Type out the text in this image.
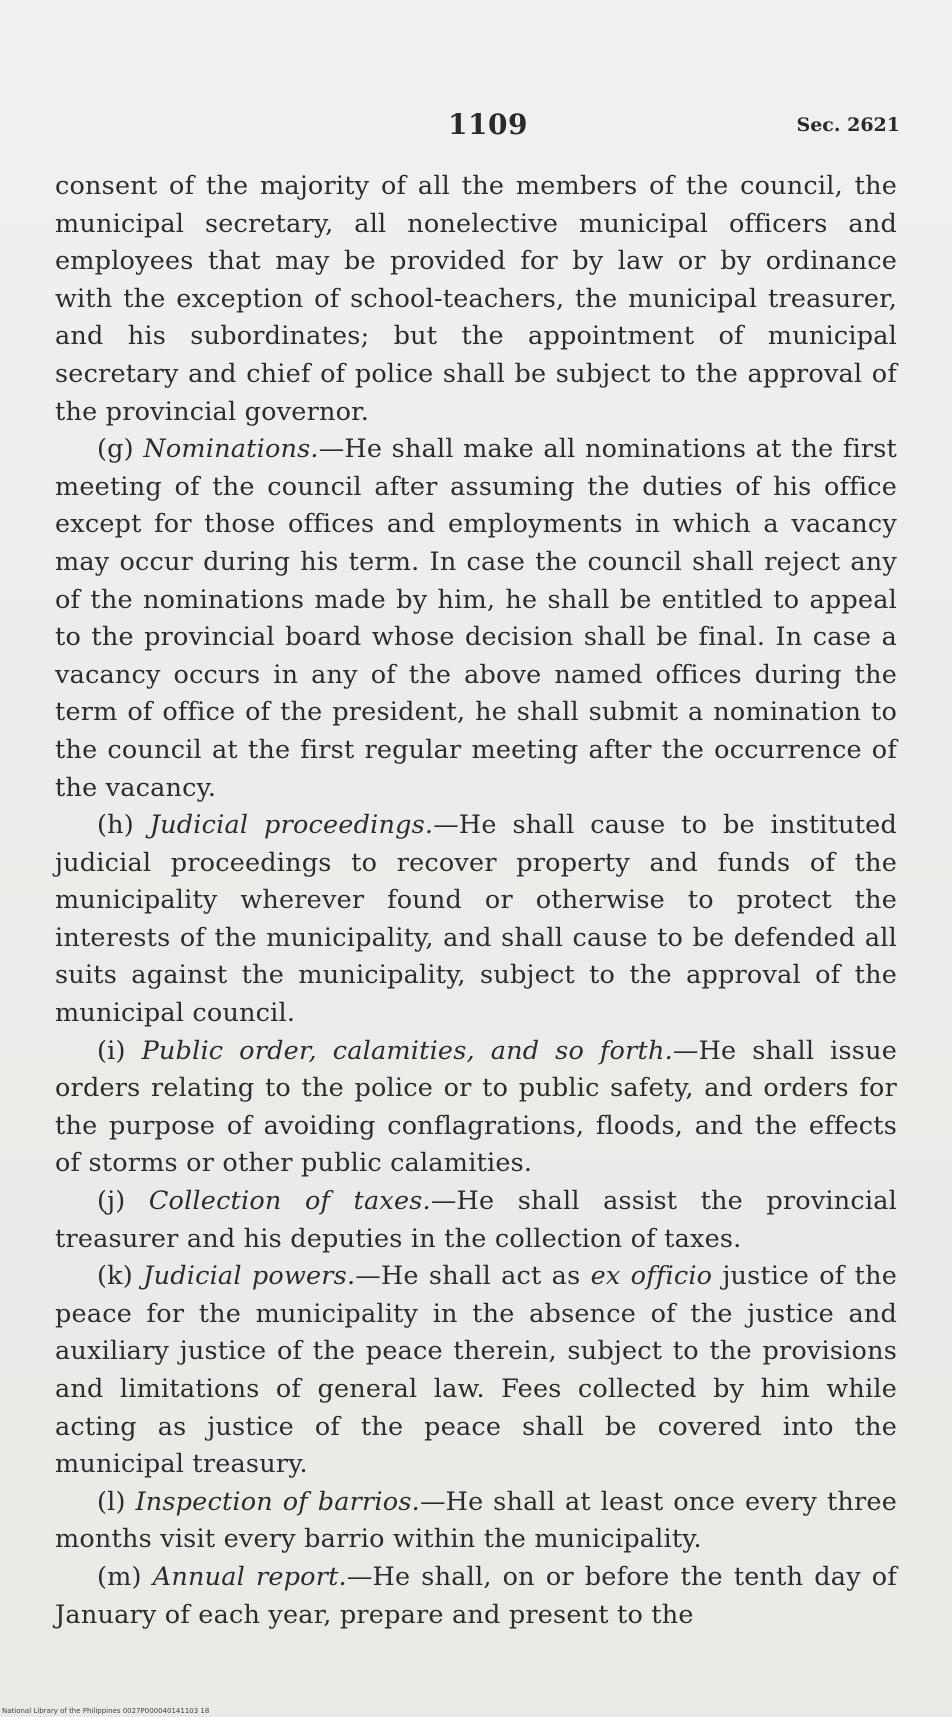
1109	Sec. 2621

consent of the majority of all the members of the council, the municipal secretary, all nonelective municipal officers and employees that may be provided for by law or by ordinance with the exception of school-teachers, the municipal treasurer, and his subordinates; but the appointment of municipal secretary and chief of police shall be subject to the approval of the provincial governor.

(g) Nominations.—He shall make all nominations at the first meeting of the council after assuming the duties of his office except for those offices and employments in which a vacancy may occur during his term. In case the council shall reject any of the nominations made by him, he shall be entitled to appeal to the provincial board whose decision shall be final. In case a vacancy occurs in any of the above named offices during the term of office of the president, he shall submit a nomination to the council at the first regular meeting after the occurrence of the vacancy.

(h) Judicial proceedings.—He shall cause to be instituted judicial proceedings to recover property and funds of the municipality wherever found or otherwise to protect the interests of the municipality, and shall cause to be defended all suits against the municipality, subject to the approval of the municipal council.

(i) Public order, calamities, and so forth.—He shall issue orders relating to the police or to public safety, and orders for the purpose of avoiding conflagrations, floods, and the effects of storms or other public calamities.

(j) Collection of taxes.—He shall assist the provincial treasurer and his deputies in the collection of taxes.

(k) Judicial powers.—He shall act as ex officio justice of the peace for the municipality in the absence of the justice and auxiliary justice of the peace therein, subject to the provisions and limitations of general law. Fees collected by him while acting as justice of the peace shall be covered into the municipal treasury.

(l) Inspection of barrios.—He shall at least once every three months visit every barrio within the municipality.

(m) Annual report.—He shall, on or before the tenth day of January of each year, prepare and present to the

National Library of the Philippines 0027P000040141103 18
